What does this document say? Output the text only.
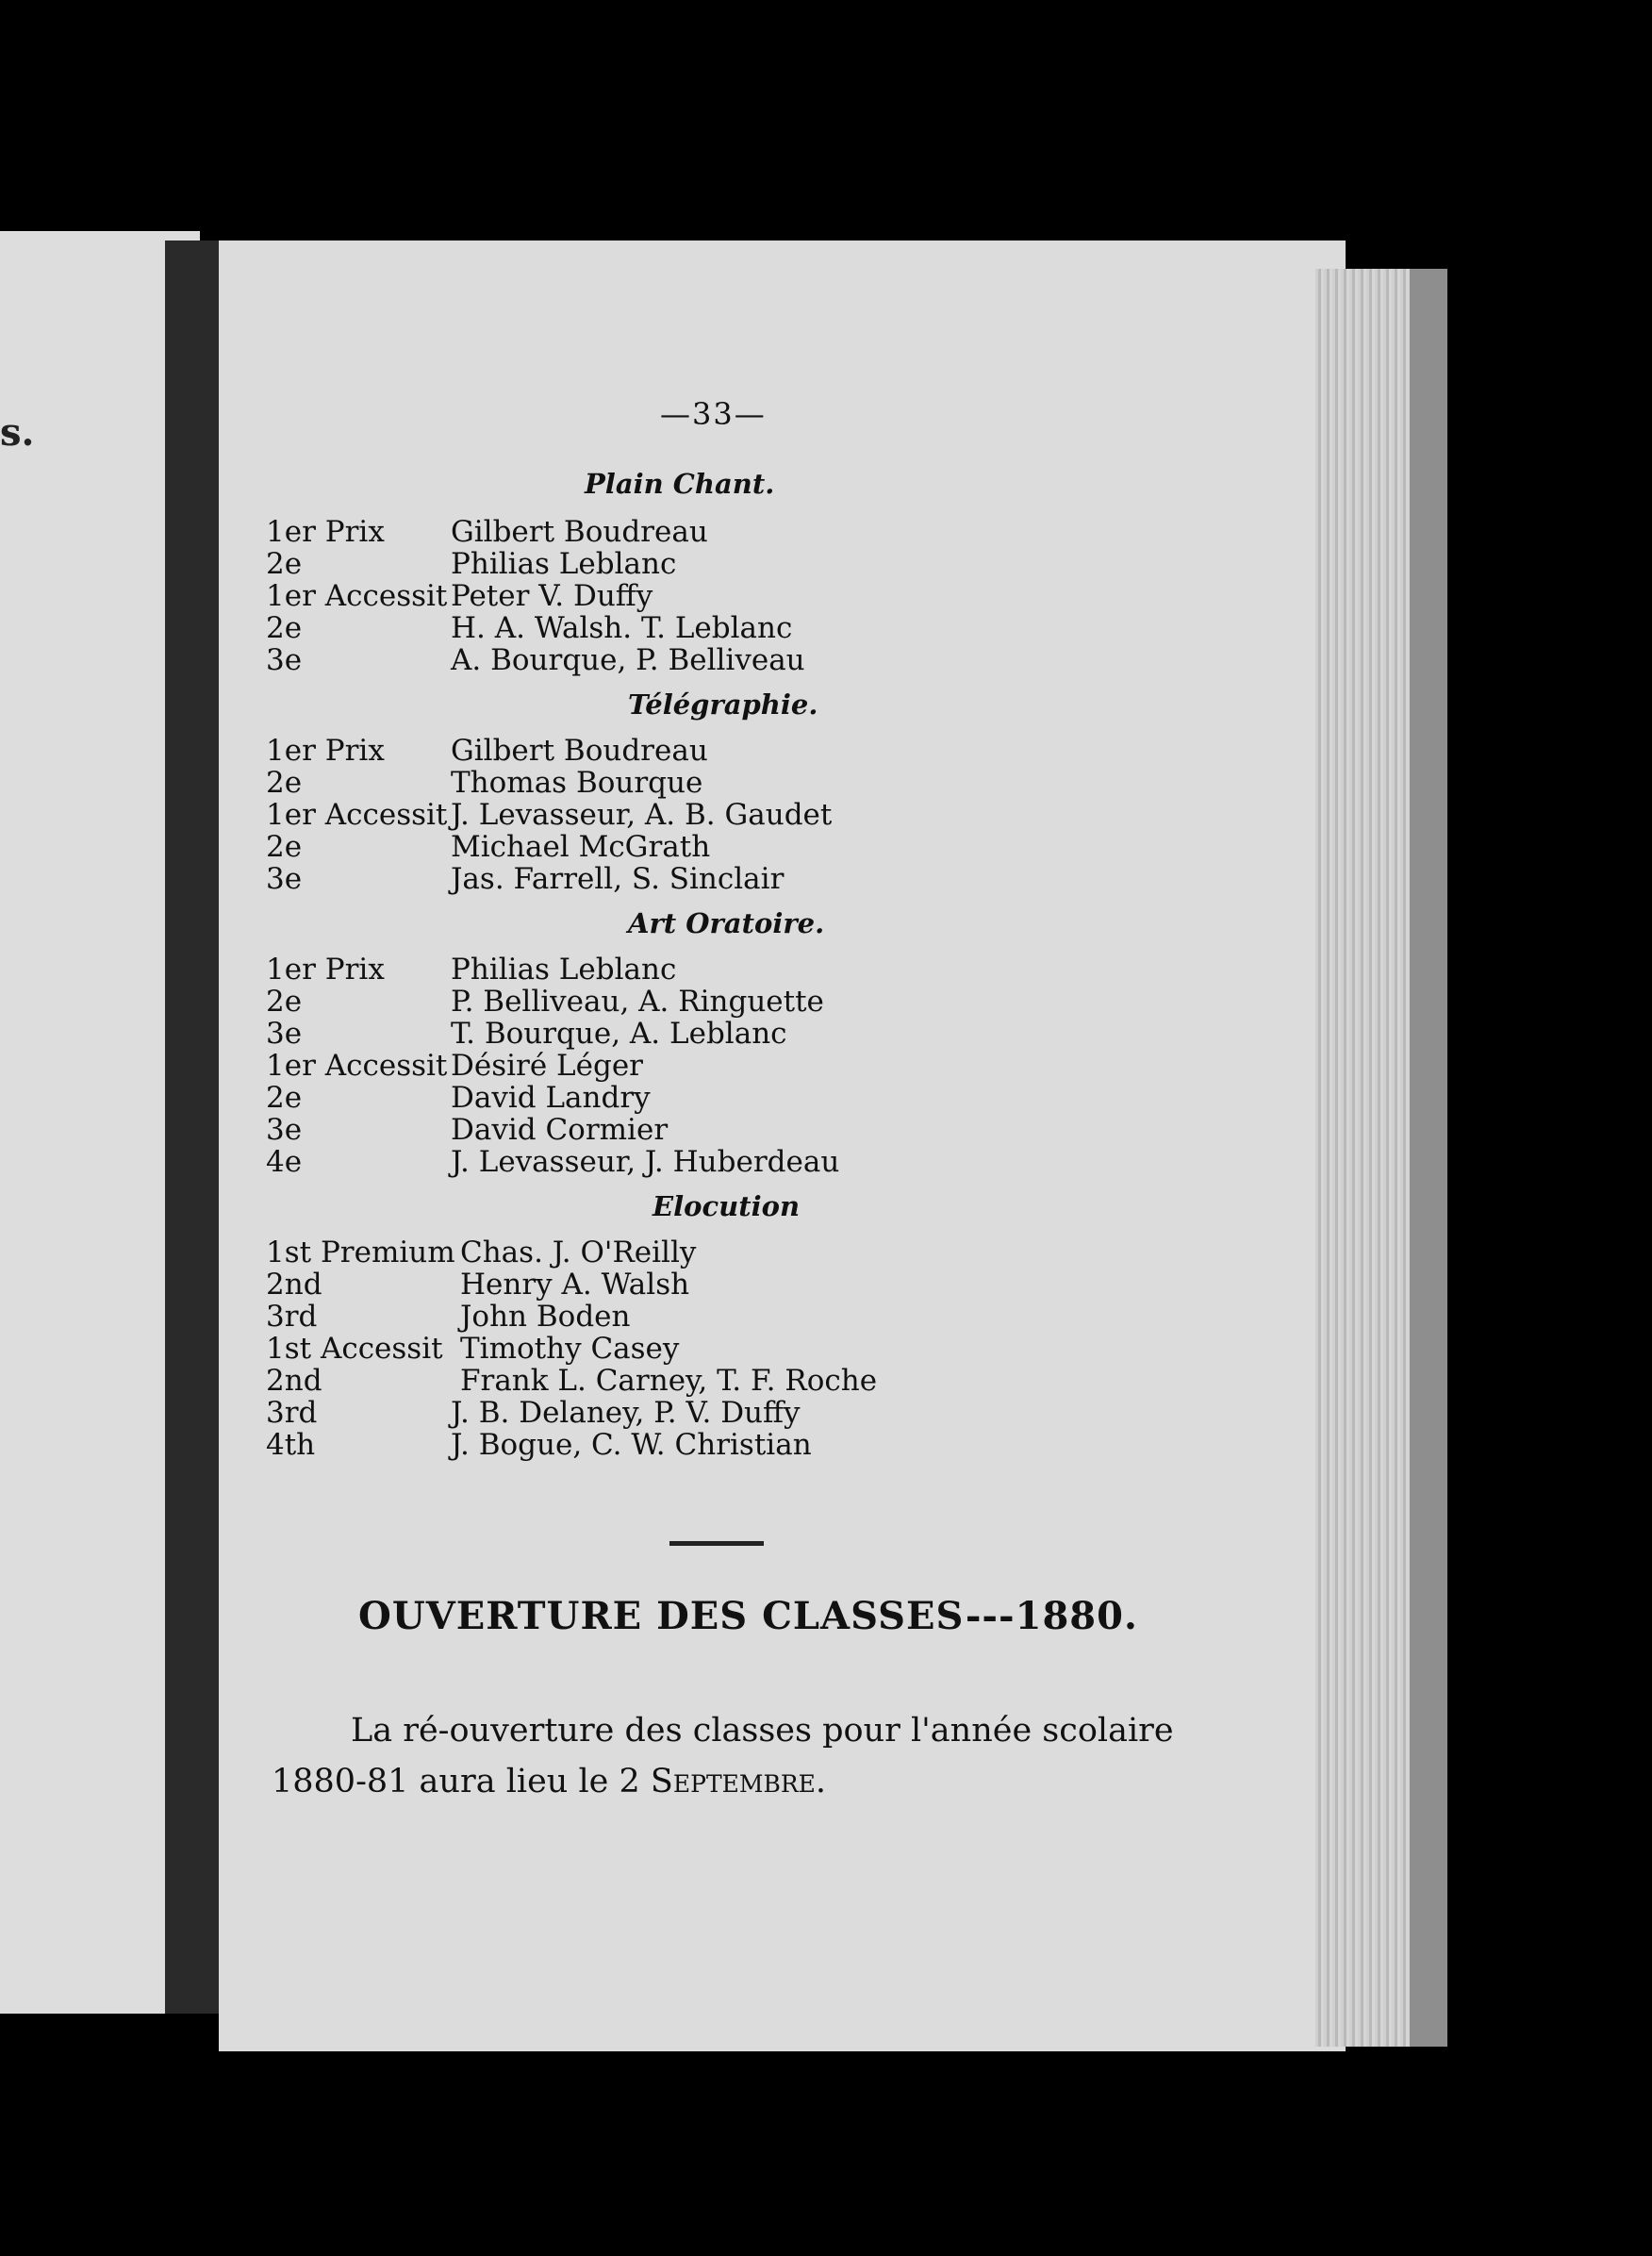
s.	—33—
Plain Chant.
1er Prix Gilbert Boudreau
2e	Philias Leblanc
1er Accessit Peter V. Duffy
2e	H. A. Walsh. T. Leblanc
3e	A. Bourque, P. Belliveau
Télégraphie.
1er Prix Gilbert Boudreau
2e	Thomas Bourque
1er Accessit J. Levasseur, A. B. Gaudet
2e	Michael McGrath
3e	Jas. Farrell, S. Sinclair
Art Oratoire.
1er Prix Philias Leblanc
2e	P. Belliveau, A. Ringuette
3e	T. Bourque, A. Leblanc
1er Accessit Désiré Léger
2e	David Landry
3e	David Cormier
4e	J. Levasseur, J. Huberdeau
Elocution
1st Premium Chas. J. O'Reilly
2nd	Henry A. Walsh
3rd	John Boden
1st Accessit Timothy Casey
2nd	Frank L. Carney, T. F. Roche
3rd	J. B. Delaney, P. V. Duffy
4th	J. Bogue, C. W. Christian
OUVERTURE DES CLASSES---1880.
La ré-ouverture des classes pour l'année scolaire 1880-81 aura lieu le 2 Septembre.
